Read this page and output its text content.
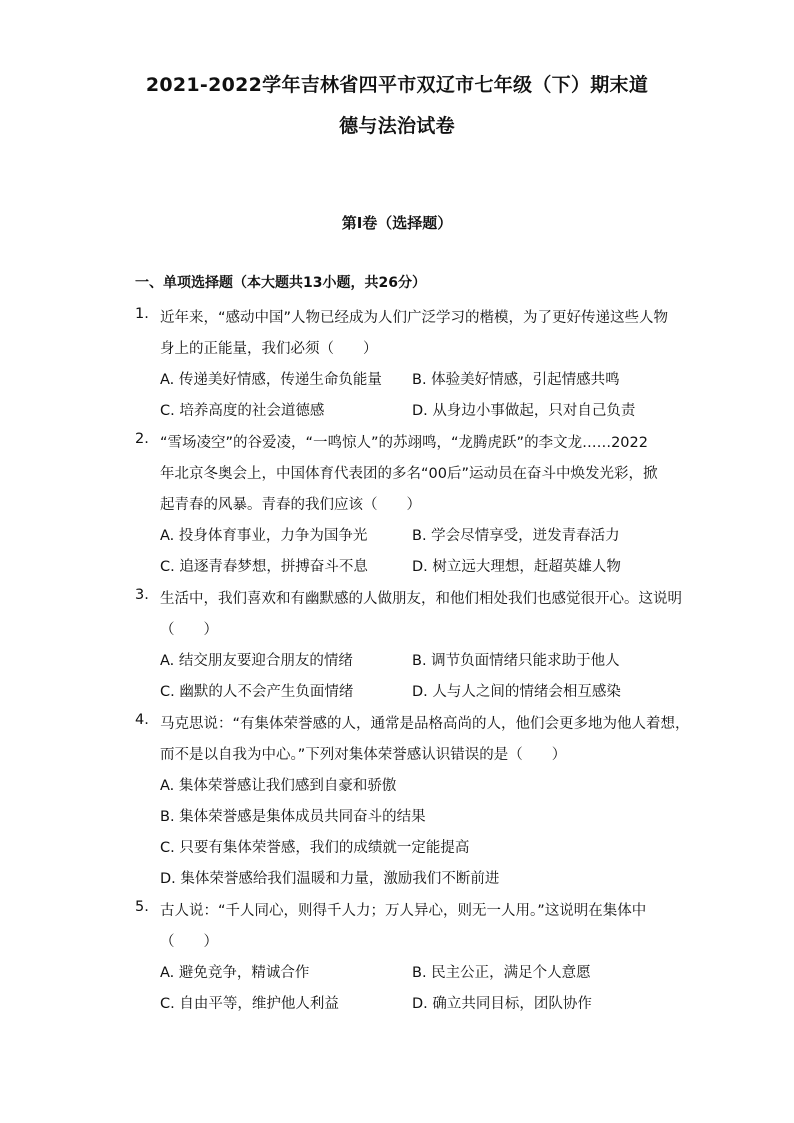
2021-2022学年吉林省四平市双辽市七年级（下）期末道
德与法治试卷
第I卷（选择题）
一、单项选择题（本大题共13小题，共26分）
1. 近年来，“感动中国”人物已经成为人们广泛学习的楷模，为了更好传递这些人物
身上的正能量，我们必须（　　）
A. 传递美好情感，传递生命负能量 B. 体验美好情感，引起情感共鸣
C. 培养高度的社会道德感	D. 从身边小事做起，只对自己负责
2. “雪场凌空”的谷爱凌，“一鸣惊人”的苏翊鸣，“龙腾虎跃”的李文龙……2022
年北京冬奥会上，中国体育代表团的多名“00后”运动员在奋斗中焕发光彩，掀
起青春的风暴。青春的我们应该（　　）
A. 投身体育事业，力争为国争光	B. 学会尽情享受，迸发青春活力
C. 追逐青春梦想，拼搏奋斗不息	D. 树立远大理想，赶超英雄人物
3. 生活中，我们喜欢和有幽默感的人做朋友，和他们相处我们也感觉很开心。这说明
（　　）
A. 结交朋友要迎合朋友的情绪	B. 调节负面情绪只能求助于他人
C. 幽默的人不会产生负面情绪	D. 人与人之间的情绪会相互感染
4. 马克思说：“有集体荣誉感的人，通常是品格高尚的人，他们会更多地为他人着想，
而不是以自我为中心。”下列对集体荣誉感认识错误的是（　　）
A. 集体荣誉感让我们感到自豪和骄傲
B. 集体荣誉感是集体成员共同奋斗的结果
C. 只要有集体荣誉感，我们的成绩就一定能提高
D. 集体荣誉感给我们温暖和力量，激励我们不断前进
5. 古人说：“千人同心，则得千人力；万人异心，则无一人用。”这说明在集体中
（　　）
A. 避免竞争，精诚合作	B. 民主公正，满足个人意愿
C. 自由平等，维护他人利益	D. 确立共同目标，团队协作
